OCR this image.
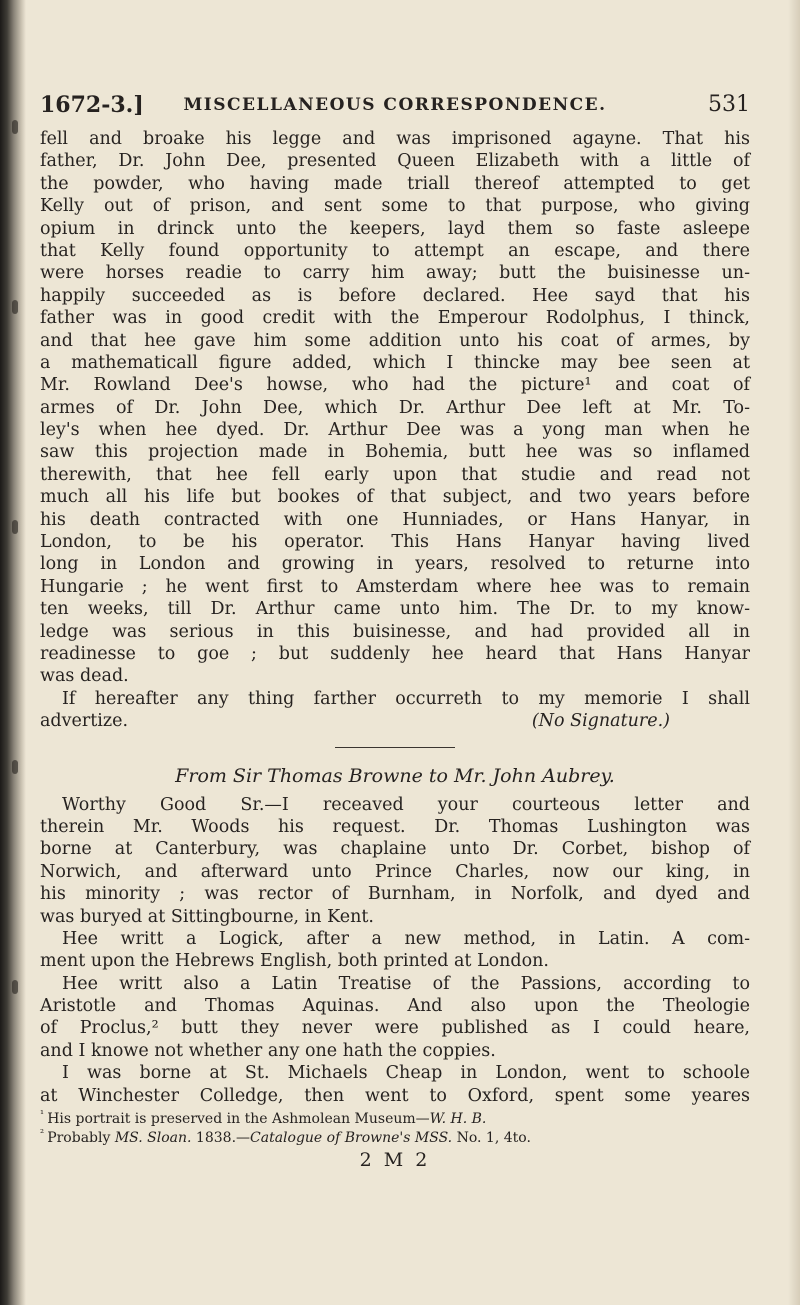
1672-3.]	MISCELLANEOUS CORRESPONDENCE.	531
fell and broake his legge and was imprisoned agayne. That his
father, Dr. John Dee, presented Queen Elizabeth with a little of
the powder, who having made triall thereof attempted to get
Kelly out of prison, and sent some to that purpose, who giving
opium in drinck unto the keepers, layd them so faste asleepe
that Kelly found opportunity to attempt an escape, and there
were horses readie to carry him away; butt the buisinesse un-
happily succeeded as is before declared. Hee sayd that his
father was in good credit with the Emperour Rodolphus, I thinck,
and that hee gave him some addition unto his coat of armes, by
a mathematicall figure added, which I thincke may bee seen at
Mr. Rowland Dee's howse, who had the picture¹ and coat of
armes of Dr. John Dee, which Dr. Arthur Dee left at Mr. To-
ley's when hee dyed. Dr. Arthur Dee was a yong man when he
saw this projection made in Bohemia, butt hee was so inflamed
therewith, that hee fell early upon that studie and read not
much all his life but bookes of that subject, and two years before
his death contracted with one Hunniades, or Hans Hanyar, in
London, to be his operator. This Hans Hanyar having lived
long in London and growing in years, resolved to returne into
Hungarie ; he went first to Amsterdam where hee was to remain
ten weeks, till Dr. Arthur came unto him. The Dr. to my know-
ledge was serious in this buisinesse, and had provided all in
readinesse to goe ; but suddenly hee heard that Hans Hanyar
was dead.
If hereafter any thing farther occurreth to my memorie I shall
advertize.	(No Signature.)
From Sir Thomas Browne to Mr. John Aubrey.
Worthy Good Sr.—I receaved your courteous letter and
therein Mr. Woods his request. Dr. Thomas Lushington was
borne at Canterbury, was chaplaine unto Dr. Corbet, bishop of
Norwich, and afterward unto Prince Charles, now our king, in
his minority ; was rector of Burnham, in Norfolk, and dyed and
was buryed at Sittingbourne, in Kent.
Hee writt a Logick, after a new method, in Latin. A com-
ment upon the Hebrews English, both printed at London.
Hee writt also a Latin Treatise of the Passions, according to
Aristotle and Thomas Aquinas. And also upon the Theologie
of Proclus,² butt they never were published as I could heare,
and I knowe not whether any one hath the coppies.
I was borne at St. Michaels Cheap in London, went to schoole
at Winchester Colledge, then went to Oxford, spent some yeares
$^{^1}$ His portrait is preserved in the Ashmolean Museum—W. H. B.
$^{^2}$ Probably MS. Sloan. 1838.—Catalogue of Browne's MSS. No. 1, 4to.
2 M 2
